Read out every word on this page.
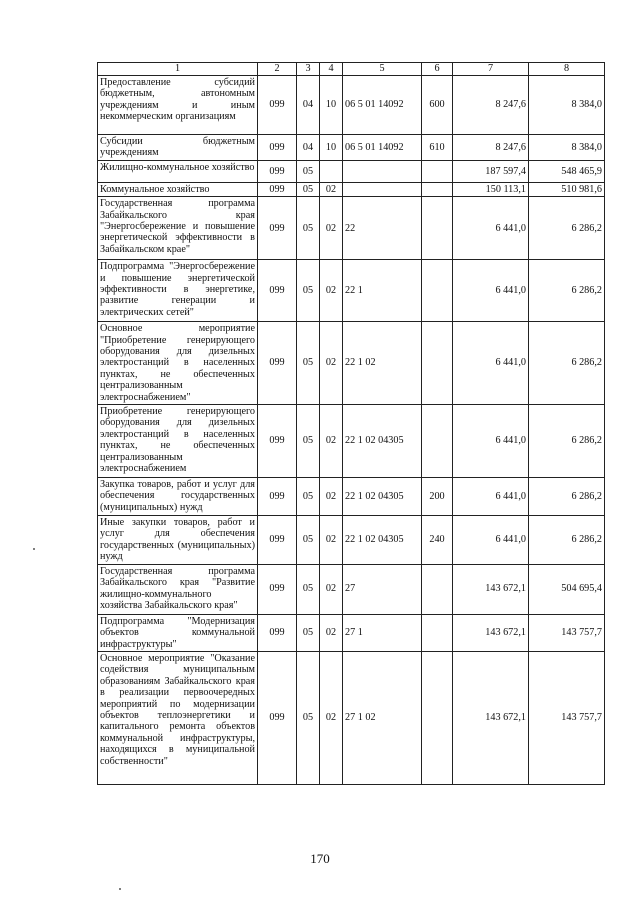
1	2	3	4	5	6	7	8
Предоставление субсидий бюджетным, автономным учреждениям и иным некоммерческим организациям	099	04	10	06 5 01 14092	600	8 247,6	8 384,0
Субсидии бюджетным учреждениям	099	04	10	06 5 01 14092	610	8 247,6	8 384,0
Жилищно-коммунальное хозяйство	099	05				187 597,4	548 465,9
Коммунальное хозяйство	099	05	02			150 113,1	510 981,6
Государственная программа Забайкальского края "Энергосбережение и повышение энергетической эффективности в Забайкальском крае"	099	05	02	22		6 441,0	6 286,2
Подпрограмма "Энергосбережение и повышение энергетической эффективности в энергетике, развитие генерации и электрических сетей"	099	05	02	22 1		6 441,0	6 286,2
Основное мероприятие "Приобретение генерирующего оборудования для дизельных электростанций в населенных пунктах, не обеспеченных централизованным электроснабжением"	099	05	02	22 1 02		6 441,0	6 286,2
Приобретение генерирующего оборудования для дизельных электростанций в населенных пунктах, не обеспеченных централизованным электроснабжением	099	05	02	22 1 02 04305		6 441,0	6 286,2
Закупка товаров, работ и услуг для обеспечения государственных (муниципальных) нужд	099	05	02	22 1 02 04305	200	6 441,0	6 286,2
Иные закупки товаров, работ и услуг для обеспечения государственных (муниципальных) нужд	099	05	02	22 1 02 04305	240	6 441,0	6 286,2
Государственная программа Забайкальского края "Развитие жилищно-коммунального хозяйства Забайкальского края"	099	05	02	27		143 672,1	504 695,4
Подпрограмма "Модернизация объектов коммунальной инфраструктуры"	099	05	02	27 1		143 672,1	143 757,7
Основное мероприятие "Оказание содействия муниципальным образованиям Забайкальского края в реализации первоочередных мероприятий по модернизации объектов теплоэнергетики и капитального ремонта объектов коммунальной инфраструктуры, находящихся в муниципальной собственности"	099	05	02	27 1 02		143 672,1	143 757,7
170
